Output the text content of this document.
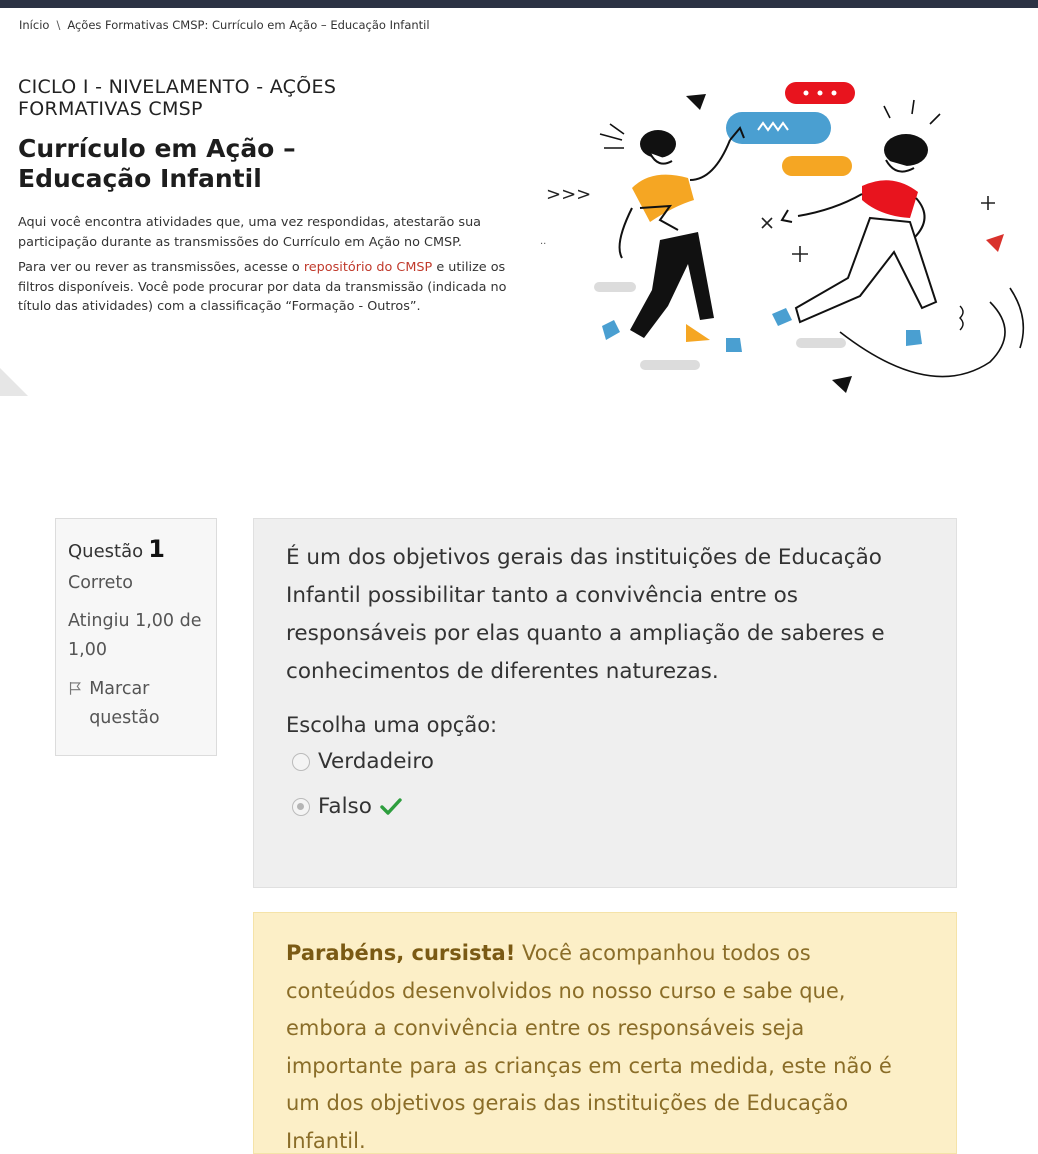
Início \ Ações Formativas CMSP: Currículo em Ação – Educação Infantil
CICLO I - NIVELAMENTO - AÇÕES FORMATIVAS CMSP
Currículo em Ação – Educação Infantil

Aqui você encontra atividades que, uma vez respondidas, atestarão sua participação durante as transmissões do Currículo em Ação no CMSP.

Para ver ou rever as transmissões, acesse o repositório do CMSP e utilize os filtros disponíveis. Você pode procurar por data da transmissão (indicada no título das atividades) com a classificação “Formação - Outros”.

>>>
..
Questão 1
Correto
Atingiu 1,00 de 1,00
Marcar questão
É um dos objetivos gerais das instituições de Educação Infantil possibilitar tanto a convivência entre os responsáveis por elas quanto a ampliação de saberes e conhecimentos de diferentes naturezas.
Escolha uma opção:
Verdadeiro
Falso
Parabéns, cursista! Você acompanhou todos os conteúdos desenvolvidos no nosso curso e sabe que, embora a convivência entre os responsáveis seja importante para as crianças em certa medida, este não é um dos objetivos gerais das instituições de Educação Infantil.
